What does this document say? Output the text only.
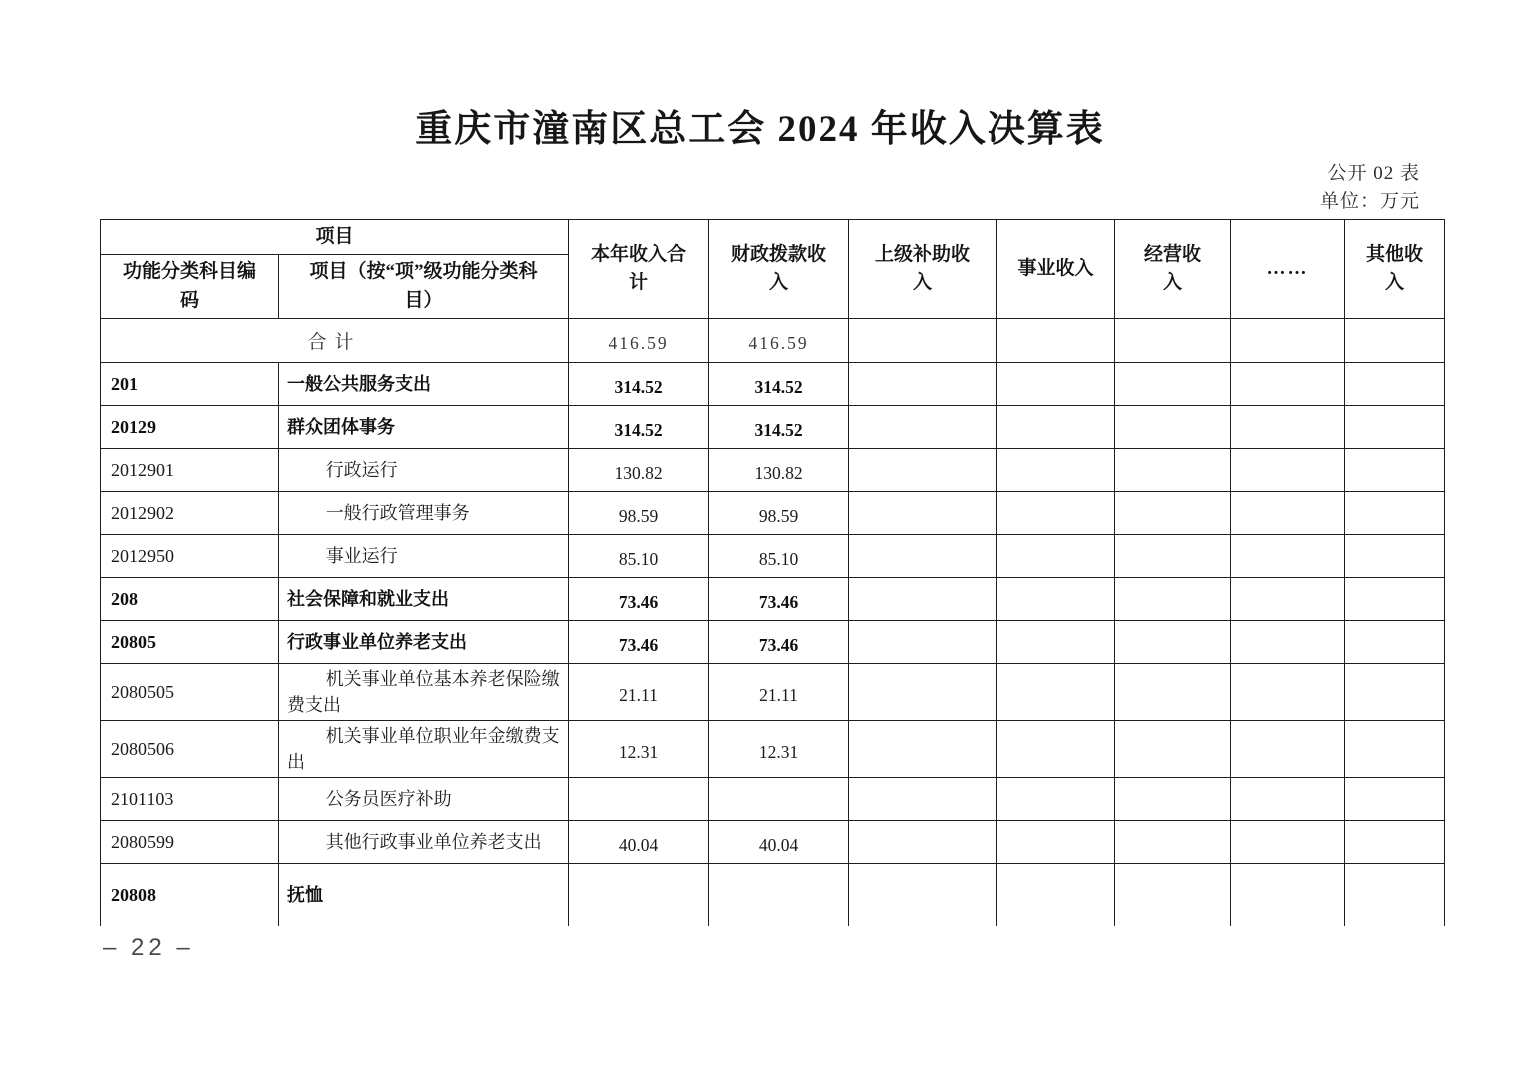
重庆市潼南区总工会 2024 年收入决算表
公开 02 表
单位：万元
项目		本年收入合计	财政拨款收入	上级补助收入	事业收入	经营收入	……	其他收入
功能分类科目编码	项目（按“项”级功能分类科目）							
合计		416.59	416.59					
201	一般公共服务支出	314.52	314.52					
20129	群众团体事务	314.52	314.52					
2012901	行政运行	130.82	130.82					
2012902	一般行政管理事务	98.59	98.59					
2012950	事业运行	85.10	85.10					
208	社会保障和就业支出	73.46	73.46					
20805	行政事业单位养老支出	73.46	73.46					
2080505	机关事业单位基本养老保险缴费支出	21.11	21.11					
2080506	机关事业单位职业年金缴费支出	12.31	12.31					
2101103	公务员医疗补助							
2080599	其他行政事业单位养老支出	40.04	40.04					
20808	抚恤							
– 22 –
